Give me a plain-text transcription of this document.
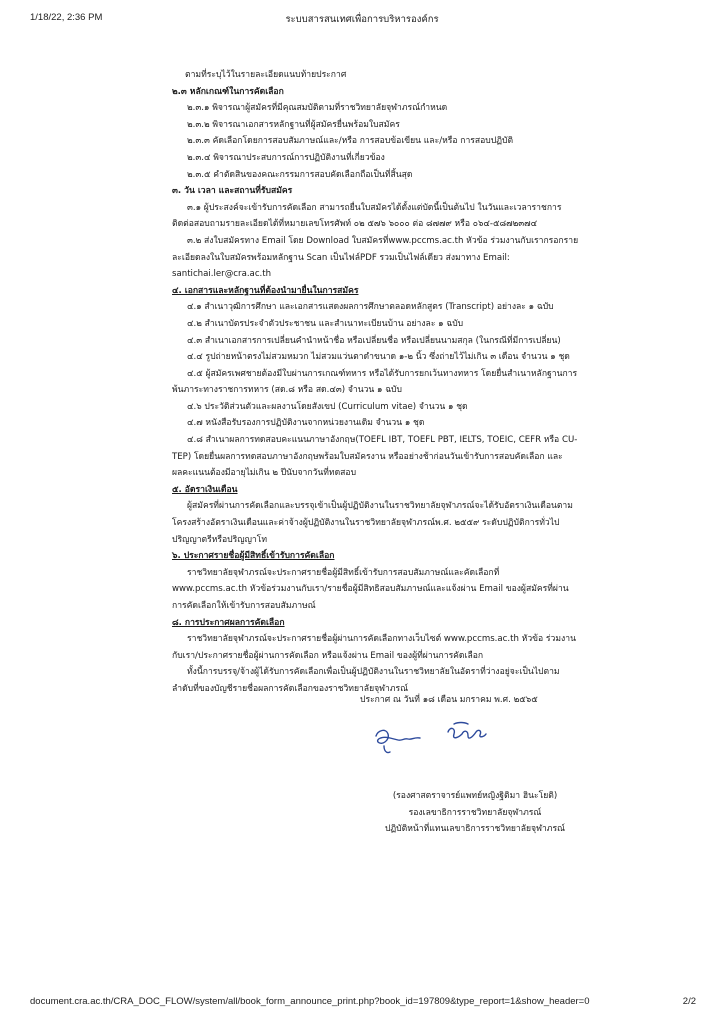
1/18/22, 2:36 PM	ระบบสารสนเทศเพื่อการบริหารองค์กร

ตามที่ระบุไว้ในรายละเอียดแนบท้ายประกาศ

๒.๓ หลักเกณฑ์ในการคัดเลือก

๒.๓.๑ พิจารณาผู้สมัครที่มีคุณสมบัติตามที่ราชวิทยาลัยจุฬาภรณ์กำหนด

๒.๓.๒ พิจารณาเอกสารหลักฐานที่ผู้สมัครยื่นพร้อมใบสมัคร

๒.๓.๓ คัดเลือกโดยการสอบสัมภาษณ์และ/หรือ การสอบข้อเขียน และ/หรือ การสอบปฏิบัติ

๒.๓.๔ พิจารณาประสบการณ์การปฏิบัติงานที่เกี่ยวข้อง

๒.๓.๕ คำตัดสินของคณะกรรมการสอบคัดเลือกถือเป็นที่สิ้นสุด

๓. วัน เวลา และสถานที่รับสมัคร

๓.๑ ผู้ประสงค์จะเข้ารับการคัดเลือก สามารถยื่นใบสมัครได้ตั้งแต่บัดนี้เป็นต้นไป ในวันและเวลาราชการ

ติดต่อสอบถามรายละเอียดได้ที่หมายเลขโทรศัพท์ ๐๒ ๕๗๖ ๖๐๐๐ ต่อ ๘๗๗๙ หรือ ๐๖๔-๕๘๗๒๓๗๔

๓.๒ ส่งใบสมัครทาง Email โดย Download ใบสมัครที่www.pccms.ac.th หัวข้อ ร่วมงานกับเรากรอกราย

ละเอียดลงในใบสมัครพร้อมหลักฐาน Scan เป็นไฟล์PDF รวมเป็นไฟล์เดียว ส่งมาทาง Email:

santichai.ler@cra.ac.th

๔. เอกสารและหลักฐานที่ต้องนำมายื่นในการสมัคร

๔.๑ สำเนาวุฒิการศึกษา และเอกสารแสดงผลการศึกษาตลอดหลักสูตร (Transcript) อย่างละ ๑ ฉบับ

๔.๒ สำเนาบัตรประจำตัวประชาชน และสำเนาทะเบียนบ้าน อย่างละ ๑ ฉบับ

๔.๓ สำเนาเอกสารการเปลี่ยนคำนำหน้าชื่อ หรือเปลี่ยนชื่อ หรือเปลี่ยนนามสกุล (ในกรณีที่มีการเปลี่ยน)

๔.๔ รูปถ่ายหน้าตรงไม่สวมหมวก ไม่สวมแว่นตาดำขนาด ๑-๒ นิ้ว ซึ่งถ่ายไว้ไม่เกิน ๓ เดือน จำนวน ๑ ชุด

๔.๕ ผู้สมัครเพศชายต้องมีใบผ่านการเกณฑ์ทหาร หรือได้รับการยกเว้นทางทหาร โดยยื่นสำเนาหลักฐานการ

พ้นภาระทางราชการทหาร (สด.๘ หรือ สด.๔๓) จำนวน ๑ ฉบับ

๔.๖ ประวัติส่วนตัวและผลงานโดยสังเขป (Curriculum vitae) จำนวน ๑ ชุด

๔.๗ หนังสือรับรองการปฏิบัติงานจากหน่วยงานเดิม จำนวน ๑ ชุด

๔.๘ สำเนาผลการทดสอบคะแนนภาษาอังกฤษ(TOEFL IBT, TOEFL PBT, IELTS, TOEIC, CEFR หรือ CU-

TEP) โดยยื่นผลการทดสอบภาษาอังกฤษพร้อมใบสมัครงาน หรืออย่างช้าก่อนวันเข้ารับการสอบคัดเลือก และ

ผลคะแนนต้องมีอายุไม่เกิน ๒ ปีนับจากวันที่ทดสอบ

๕. อัตราเงินเดือน

ผู้สมัครที่ผ่านการคัดเลือกและบรรจุเข้าเป็นผู้ปฏิบัติงานในราชวิทยาลัยจุฬาภรณ์จะได้รับอัตราเงินเดือนตาม

โครงสร้างอัตราเงินเดือนและค่าจ้างผู้ปฏิบัติงานในราชวิทยาลัยจุฬาภรณ์พ.ศ. ๒๕๕๙ ระดับปฏิบัติการทั่วไป

ปริญญาตรีหรือปริญญาโท

๖. ประกาศรายชื่อผู้มีสิทธิ์เข้ารับการคัดเลือก

ราชวิทยาลัยจุฬาภรณ์จะประกาศรายชื่อผู้มีสิทธิ์เข้ารับการสอบสัมภาษณ์และคัดเลือกที่

www.pccms.ac.th หัวข้อร่วมงานกับเรา/รายชื่อผู้มีสิทธิสอบสัมภาษณ์และแจ้งผ่าน Email ของผู้สมัครที่ผ่าน

การคัดเลือกให้เข้ารับการสอบสัมภาษณ์

๘. การประกาศผลการคัดเลือก

ราชวิทยาลัยจุฬาภรณ์จะประกาศรายชื่อผู้ผ่านการคัดเลือกทางเว็บไซต์ www.pccms.ac.th หัวข้อ ร่วมงาน

กับเรา/ประกาศรายชื่อผู้ผ่านการคัดเลือก หรือแจ้งผ่าน Email ของผู้ที่ผ่านการคัดเลือก

ทั้งนี้การบรรจุ/จ้างผู้ได้รับการคัดเลือกเพื่อเป็นผู้ปฏิบัติงานในราชวิทยาลัยในอัตราที่ว่างอยู่จะเป็นไปตาม

ลำดับที่ของบัญชีรายชื่อผลการคัดเลือกของราชวิทยาลัยจุฬาภรณ์

ประกาศ ณ วันที่ ๑๘ เดือน มกราคม พ.ศ. ๒๕๖๕

(รองศาสตราจารย์แพทย์หญิงฐิติมา ฮินะโยติ)

รองเลขาธิการราชวิทยาลัยจุฬาภรณ์

ปฏิบัติหน้าที่แทนเลขาธิการราชวิทยาลัยจุฬาภรณ์

document.cra.ac.th/CRA_DOC_FLOW/system/all/book_form_announce_print.php?book_id=197809&type_report=1&show_header=0	2/2
